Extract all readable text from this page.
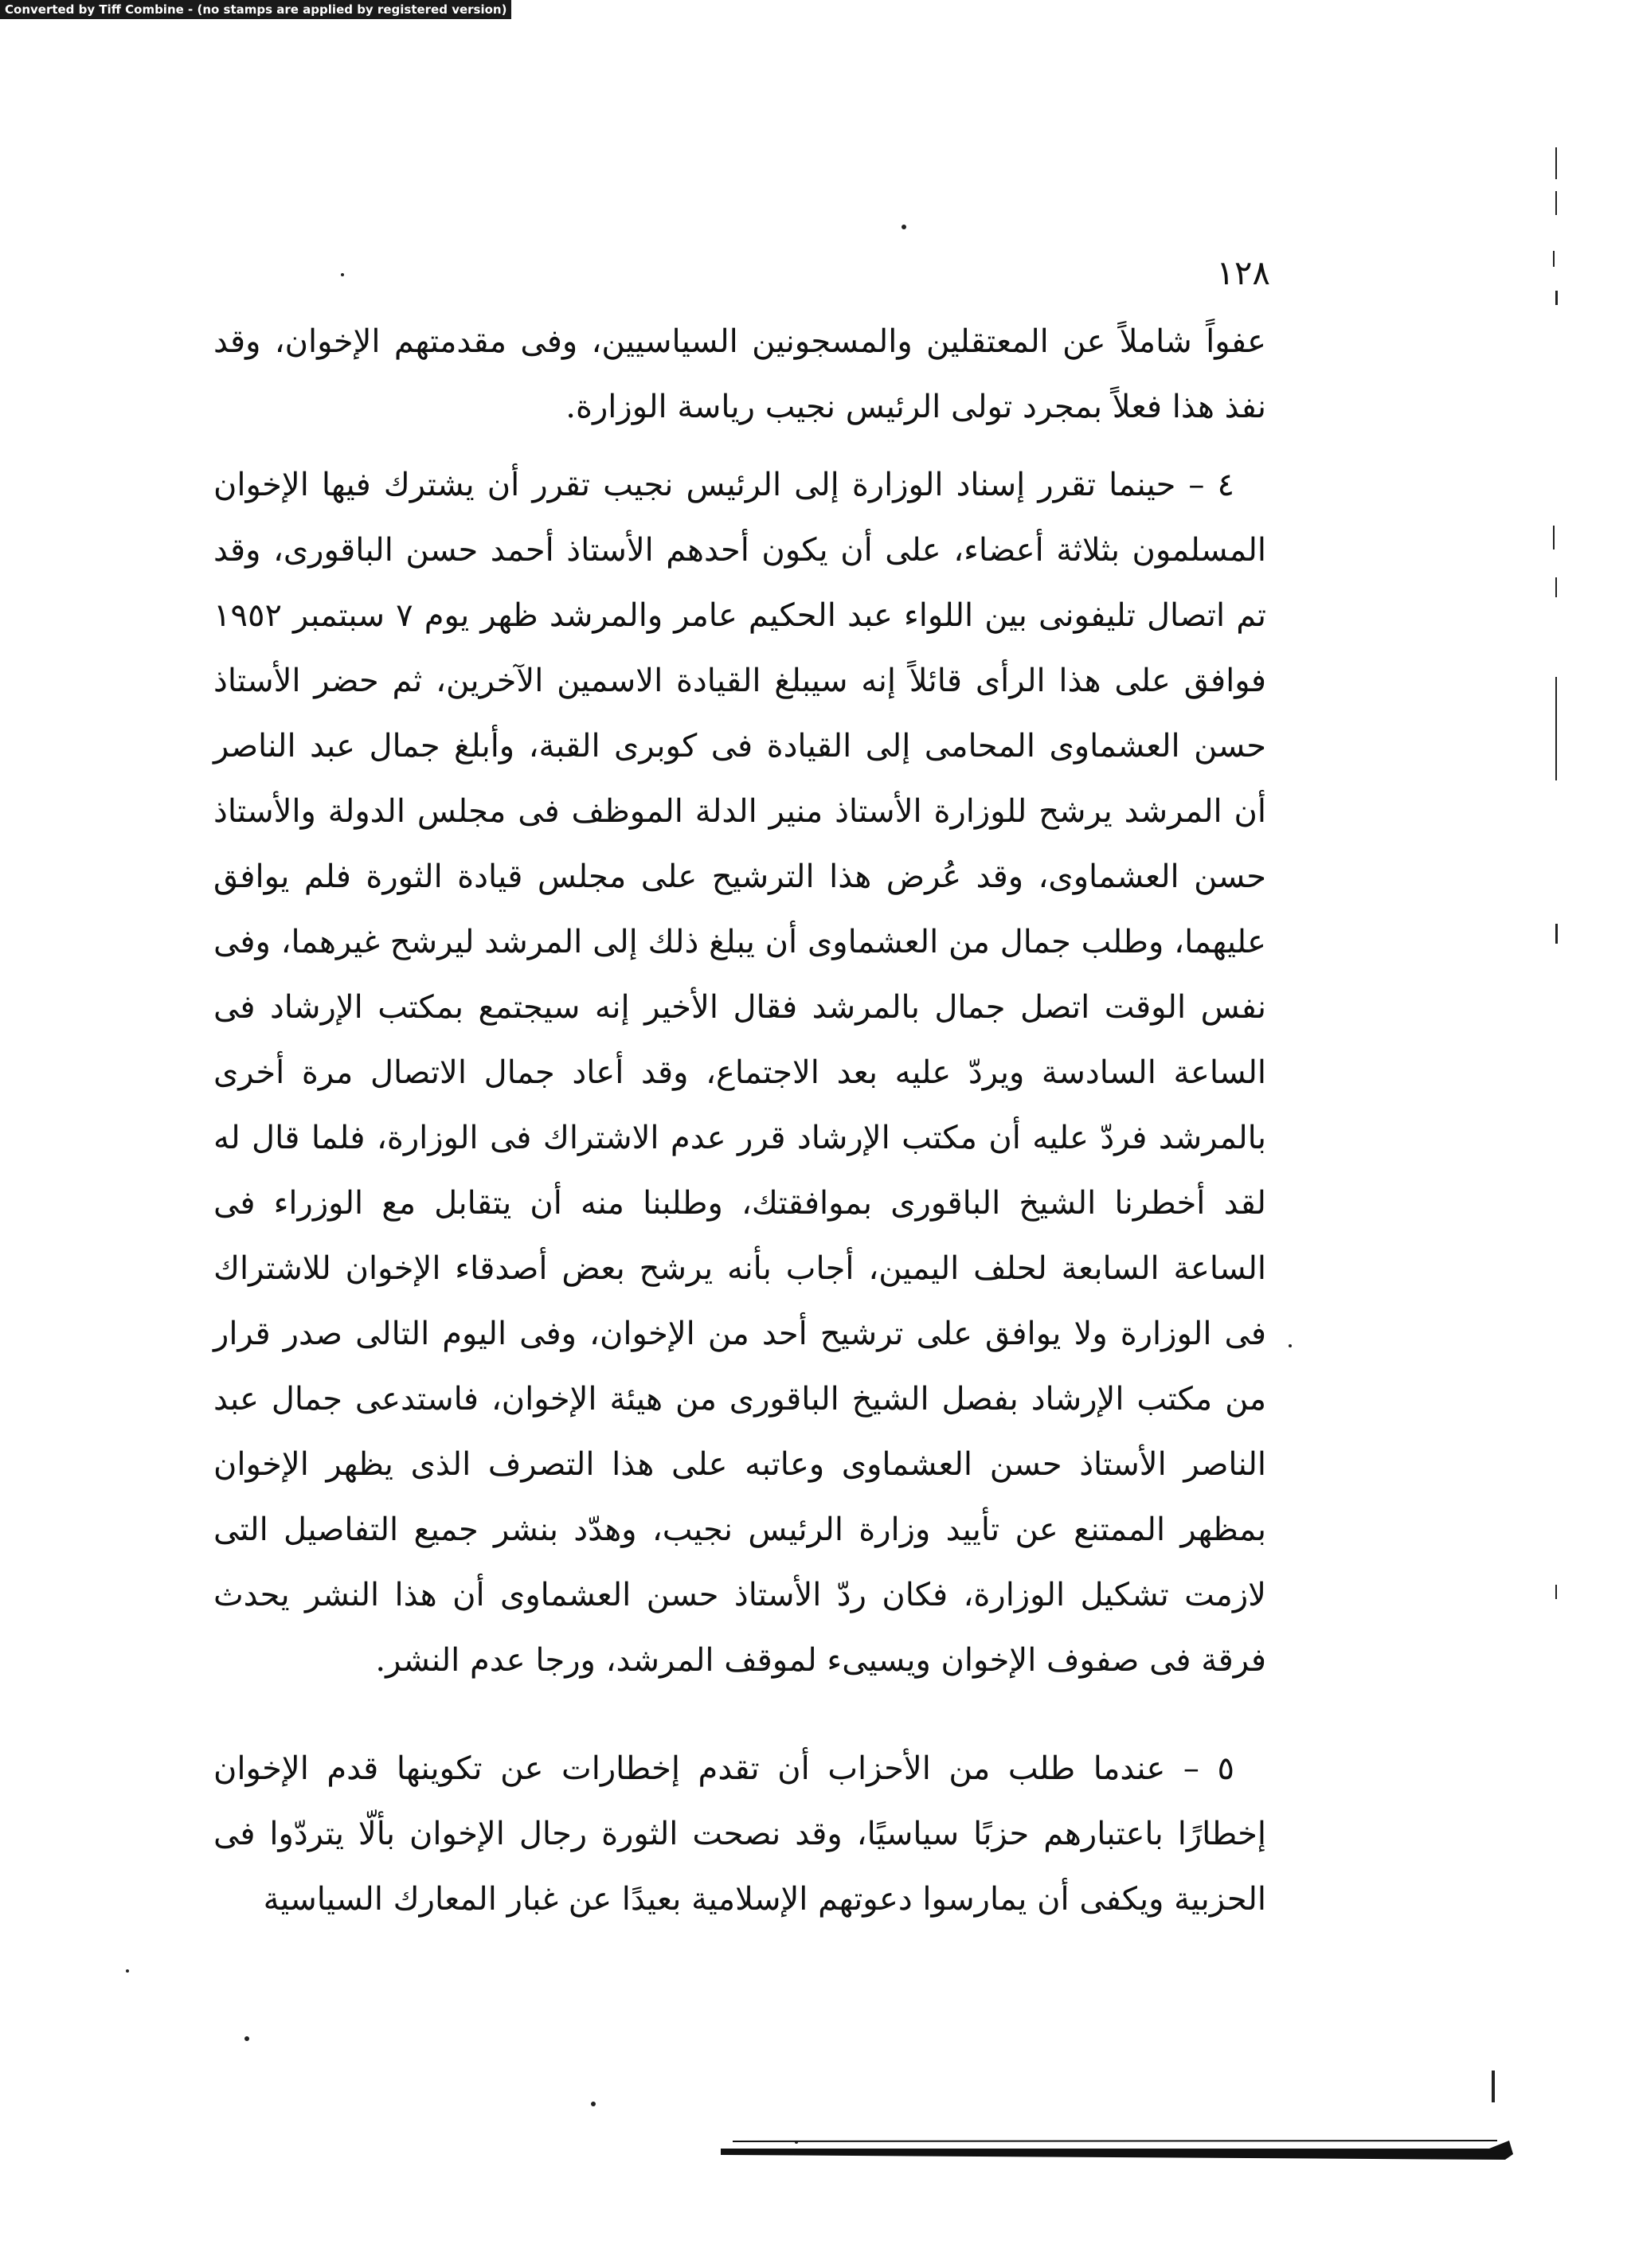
Converted by Tiff Combine - (no stamps are applied by registered version)
١٢٨

عفواً شاملاً عن المعتقلين والمسجونين السياسيين، وفى مقدمتهم الإخوان، وقد نفذ هذا فعلاً بمجرد تولى الرئيس نجيب رياسة الوزارة.

٤ – حينما تقرر إسناد الوزارة إلى الرئيس نجيب تقرر أن يشترك فيها الإخوان المسلمون بثلاثة أعضاء، على أن يكون أحدهم الأستاذ أحمد حسن الباقورى، وقد تم اتصال تليفونى بين اللواء عبد الحكيم عامر والمرشد ظهر يوم ٧ سبتمبر ١٩٥٢ فوافق على هذا الرأى قائلاً إنه سيبلغ القيادة الاسمين الآخرين، ثم حضر الأستاذ حسن العشماوى المحامى إلى القيادة فى كوبرى القبة، وأبلغ جمال عبد الناصر أن المرشد يرشح للوزارة الأستاذ منير الدلة الموظف فى مجلس الدولة والأستاذ حسن العشماوى، وقد عُرض هذا الترشيح على مجلس قيادة الثورة فلم يوافق عليهما، وطلب جمال من العشماوى أن يبلغ ذلك إلى المرشد ليرشح غيرهما، وفى نفس الوقت اتصل جمال بالمرشد فقال الأخير إنه سيجتمع بمكتب الإرشاد فى الساعة السادسة ويردّ عليه بعد الاجتماع، وقد أعاد جمال الاتصال مرة أخرى بالمرشد فردّ عليه أن مكتب الإرشاد قرر عدم الاشتراك فى الوزارة، فلما قال له لقد أخطرنا الشيخ الباقورى بموافقتك، وطلبنا منه أن يتقابل مع الوزراء فى الساعة السابعة لحلف اليمين، أجاب بأنه يرشح بعض أصدقاء الإخوان للاشتراك فى الوزارة ولا يوافق على ترشيح أحد من الإخوان، وفى اليوم التالى صدر قرار من مكتب الإرشاد بفصل الشيخ الباقورى من هيئة الإخوان، فاستدعى جمال عبد الناصر الأستاذ حسن العشماوى وعاتبه على هذا التصرف الذى يظهر الإخوان بمظهر الممتنع عن تأييد وزارة الرئيس نجيب، وهدّد بنشر جميع التفاصيل التى لازمت تشكيل الوزارة، فكان ردّ الأستاذ حسن العشماوى أن هذا النشر يحدث فرقة فى صفوف الإخوان ويسيىء لموقف المرشد، ورجا عدم النشر.

٥ – عندما طلب من الأحزاب أن تقدم إخطارات عن تكوينها قدم الإخوان إخطارًا باعتبارهم حزبًا سياسيًا، وقد نصحت الثورة رجال الإخوان بألّا يتردّوا فى الحزبية ويكفى أن يمارسوا دعوتهم الإسلامية بعيدًا عن غبار المعارك السياسية
